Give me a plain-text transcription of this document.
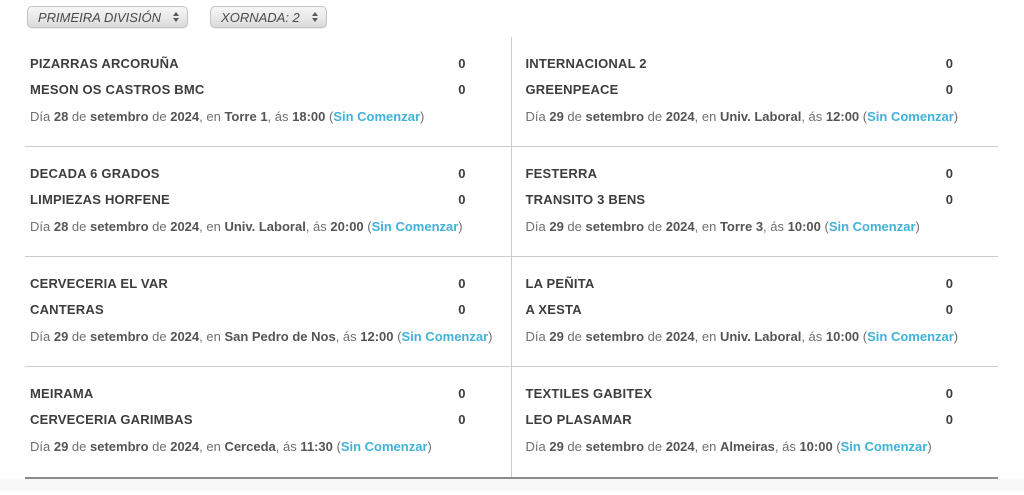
PRIMEIRA DIVISIÓN	XORNADA: 2
PIZARRAS ARCORUÑA	0
MESON OS CASTROS BMC	0

Día 28 de setembro de 2024, en Torre 1, ás 18:00 (Sin Comenzar)

INTERNACIONAL 2	0
GREENPEACE	0

Día 29 de setembro de 2024, en Univ. Laboral, ás 12:00 (Sin Comenzar)

DECADA 6 GRADOS	0
LIMPIEZAS HORFENE	0

Día 28 de setembro de 2024, en Univ. Laboral, ás 20:00 (Sin Comenzar)

FESTERRA	0
TRANSITO 3 BENS	0

Día 29 de setembro de 2024, en Torre 3, ás 10:00 (Sin Comenzar)

CERVECERIA EL VAR	0
CANTERAS	0

Día 29 de setembro de 2024, en San Pedro de Nos, ás 12:00 (Sin Comenzar)

LA PEÑITA	0
A XESTA	0

Día 29 de setembro de 2024, en Univ. Laboral, ás 10:00 (Sin Comenzar)

MEIRAMA	0
CERVECERIA GARIMBAS	0

Día 29 de setembro de 2024, en Cerceda, ás 11:30 (Sin Comenzar)

TEXTILES GABITEX	0
LEO PLASAMAR	0

Día 29 de setembro de 2024, en Almeiras, ás 10:00 (Sin Comenzar)
